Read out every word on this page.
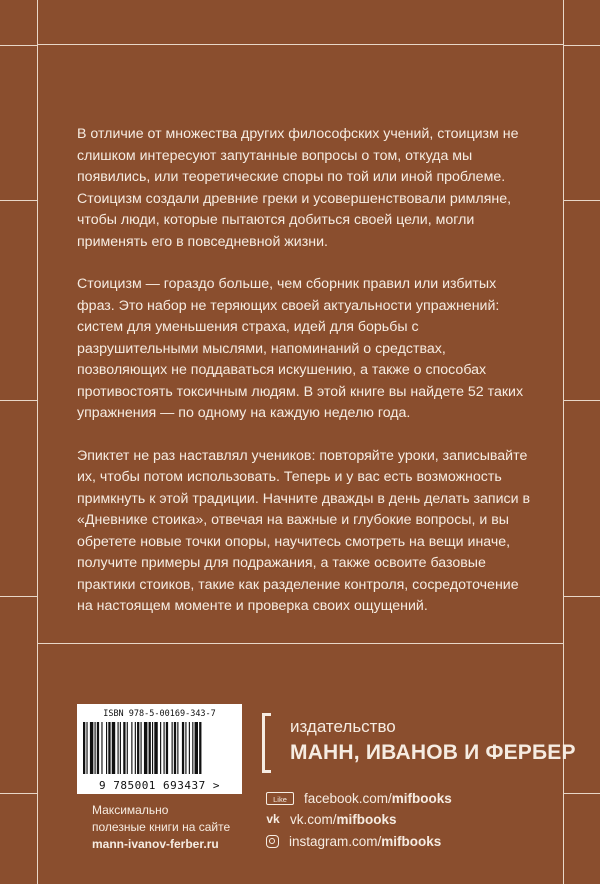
В отличие от множества других философских учений, стоицизм не слишком интересуют запутанные вопросы о том, откуда мы появились, или теоретические споры по той или иной проблеме. Стоицизм создали древние греки и усовершенствовали римляне, чтобы люди, которые пытаются добиться своей цели, могли применять его в повседневной жизни.

Стоицизм — гораздо больше, чем сборник правил или избитых фраз. Это набор не теряющих своей актуальности упражнений: систем для уменьшения страха, идей для борьбы с разрушительными мыслями, напоминаний о средствах, позволяющих не поддаваться искушению, а также о способах противостоять токсичным людям. В этой книге вы найдете 52 таких упражнения — по одному на каждую неделю года.

Эпиктет не раз наставлял учеников: повторяйте уроки, записывайте их, чтобы потом использовать. Теперь и у вас есть возможность примкнуть к этой традиции. Начните дважды в день делать записи в «Дневнике стоика», отвечая на важные и глубокие вопросы, и вы обретете новые точки опоры, научитесь смотреть на вещи иначе, получите примеры для подражания, а также освоите базовые практики стоиков, такие как разделение контроля, сосредоточение на настоящем моменте и проверка своих ощущений.

ISBN 978-5-00169-343-7
9 785001 693437 >
Максимально
полезные книги на сайте
mann-ivanov-ferber.ru
издательство
МАНН, ИВАНОВ И ФЕРБЕР
Like	facebook.com/ mifbooks
vk vk.com/ mifbooks
instagram.com/ mifbooks
